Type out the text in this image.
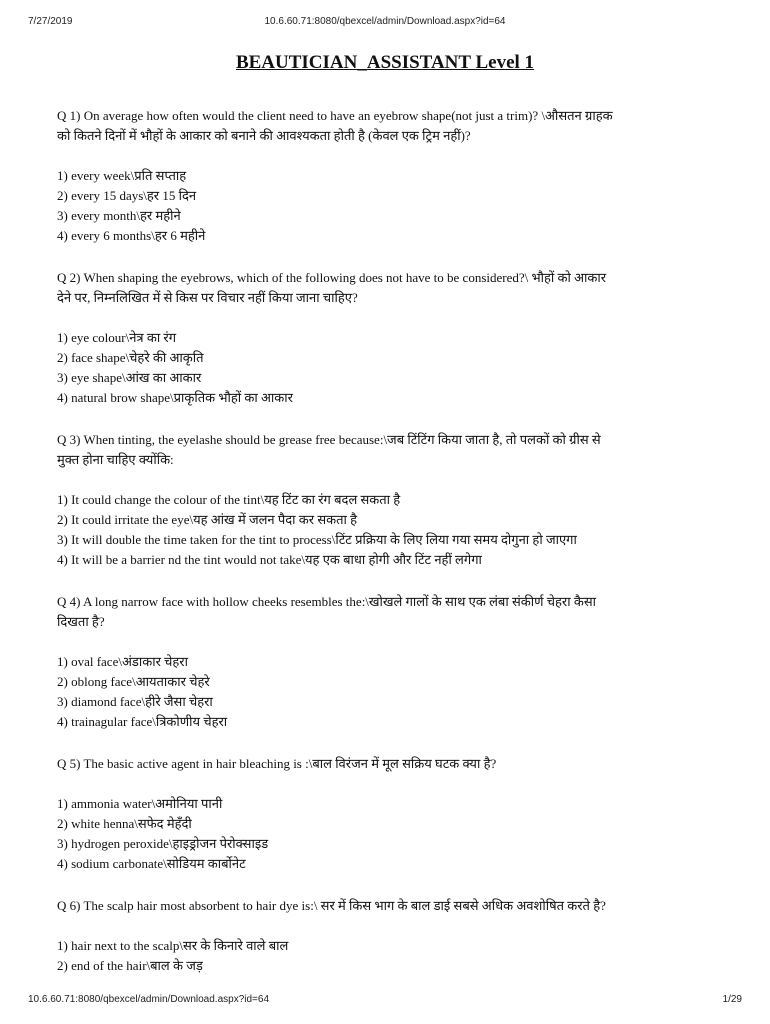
7/27/2019	10.6.60.71:8080/qbexcel/admin/Download.aspx?id=64
BEAUTICIAN_ASSISTANT Level 1

Q 1) On average how often would the client need to have an eyebrow shape(not just a trim)? \औसतन ग्राहक को कितने दिनों में भौहों के आकार को बनाने की आवश्यकता होती है (केवल एक ट्रिम नहीं)?

1) every week\प्रति सप्ताह
2) every 15 days\हर 15 दिन
3) every month\हर महीने
4) every 6 months\हर 6 महीने

Q 2) When shaping the eyebrows, which of the following does not have to be considered?\ भौहों को आकार देने पर, निम्नलिखित में से किस पर विचार नहीं किया जाना चाहिए?

1) eye colour\नेत्र का रंग
2) face shape\चेहरे की आकृति
3) eye shape\आंख का आकार
4) natural brow shape\प्राकृतिक भौहों का आकार

Q 3) When tinting, the eyelashe should be grease free because:\जब टिंटिंग किया जाता है, तो पलकों को ग्रीस से मुक्त होना चाहिए क्योंकि:

1) It could change the colour of the tint\यह टिंट का रंग बदल सकता है
2) It could irritate the eye\यह आंख में जलन पैदा कर सकता है
3) It will double the time taken for the tint to process\टिंट प्रक्रिया के लिए लिया गया समय दोगुना हो जाएगा
4) It will be a barrier nd the tint would not take\यह एक बाधा होगी और टिंट नहीं लगेगा

Q 4) A long narrow face with hollow cheeks resembles the:\खोखले गालों के साथ एक लंबा संकीर्ण चेहरा कैसा दिखता है?

1) oval face\अंडाकार चेहरा
2) oblong face\आयताकार चेहरे
3) diamond face\हीरे जैसा चेहरा
4) trainagular face\त्रिकोणीय चेहरा

Q 5) The basic active agent in hair bleaching is :\बाल विरंजन में मूल सक्रिय घटक क्या है?

1) ammonia water\अमोनिया पानी
2) white henna\सफेद मेहँदी
3) hydrogen peroxide\हाइड्रोजन पेरोक्साइड
4) sodium carbonate\सोडियम कार्बोनेट

Q 6) The scalp hair most absorbent to hair dye is:\ सर में किस भाग के बाल डाई सबसे अधिक अवशोषित करते है?

1) hair next to the scalp\सर के किनारे वाले बाल
2) end of the hair\बाल के जड़
10.6.60.71:8080/qbexcel/admin/Download.aspx?id=64	1/29
